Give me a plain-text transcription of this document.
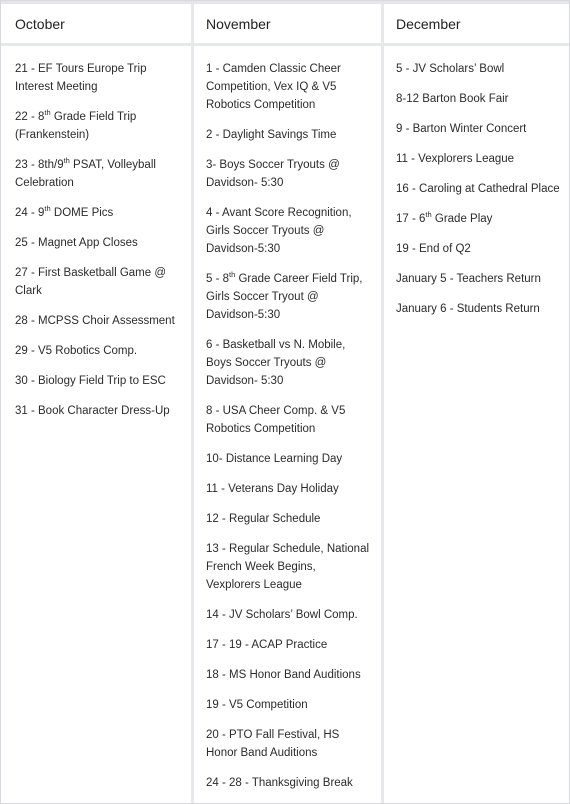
October
21 - EF Tours Europe Trip Interest Meeting
22 - 8th Grade Field Trip (Frankenstein)
23 - 8th/9th PSAT, Volleyball Celebration
24 - 9th DOME Pics
25 - Magnet App Closes
27 - First Basketball Game @ Clark
28 - MCPSS Choir Assessment
29 - V5 Robotics Comp.
30 - Biology Field Trip to ESC
31 - Book Character Dress-Up
November
1 - Camden Classic Cheer Competition, Vex IQ & V5 Robotics Competition
2 - Daylight Savings Time
3- Boys Soccer Tryouts @ Davidson- 5:30
4 - Avant Score Recognition, Girls Soccer Tryouts @ Davidson-5:30
5 - 8th Grade Career Field Trip, Girls Soccer Tryout @ Davidson-5:30
6 - Basketball vs N. Mobile, Boys Soccer Tryouts @ Davidson- 5:30
8 - USA Cheer Comp. & V5 Robotics Competition
10- Distance Learning Day
11 - Veterans Day Holiday
12 - Regular Schedule
13 - Regular Schedule, National French Week Begins, Vexplorers League
14 - JV Scholars’ Bowl Comp.
17 - 19 - ACAP Practice
18 - MS Honor Band Auditions
19 - V5 Competition
20 - PTO Fall Festival, HS Honor Band Auditions
24 - 28 - Thanksgiving Break
December
5 - JV Scholars’ Bowl
8-12 Barton Book Fair
9 - Barton Winter Concert
11 - Vexplorers League
16 - Caroling at Cathedral Place
17 - 6th Grade Play
19 - End of Q2
January 5 - Teachers Return
January 6 - Students Return
